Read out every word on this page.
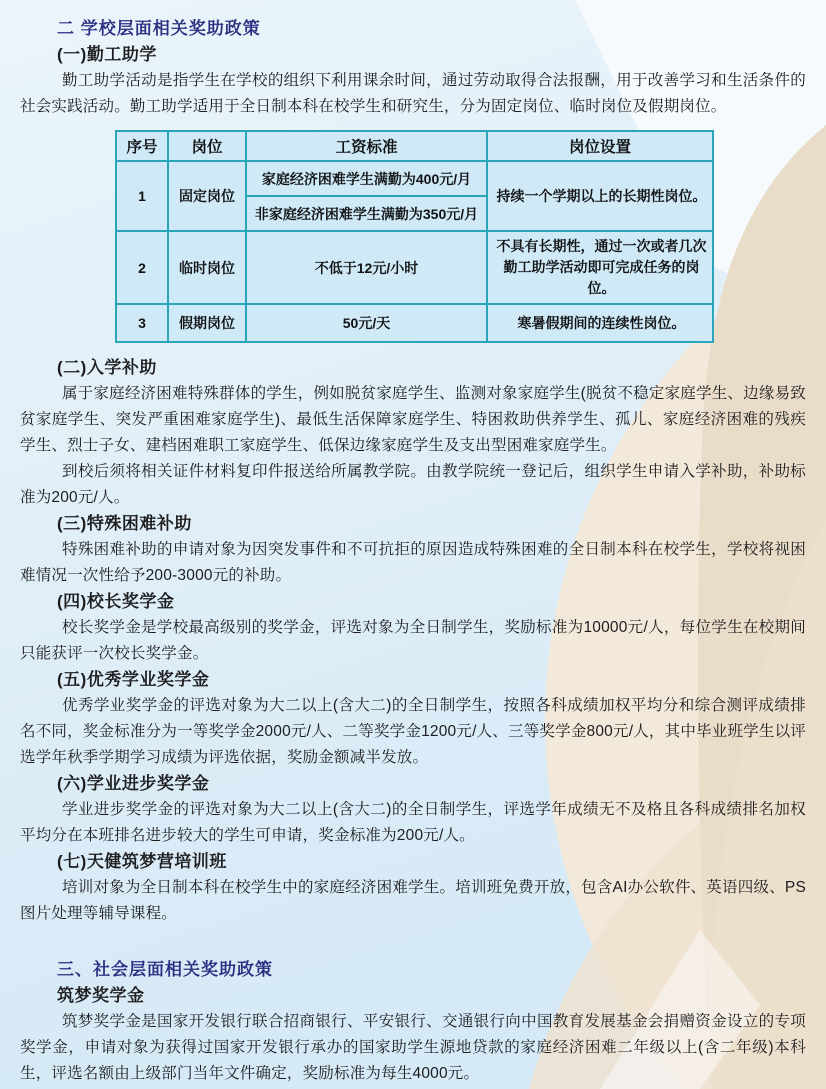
二 学校层面相关奖助政策
(一)勤工助学

勤工助学活动是指学生在学校的组织下利用课余时间，通过劳动取得合法报酬，用于改善学习和生活条件的社会实践活动。勤工助学适用于全日制本科在校学生和研究生，分为固定岗位、临时岗位及假期岗位。

序号	岗位	工资标准	岗位设置
1	固定岗位	家庭经济困难学生满勤为400元/月	持续一个学期以上的长期性岗位。
		非家庭经济困难学生满勤为350元/月	
2	临时岗位	不低于12元/小时	不具有长期性，通过一次或者几次勤工助学活动即可完成任务的岗位。
3	假期岗位	50元/天	寒暑假期间的连续性岗位。
(二)入学补助

属于家庭经济困难特殊群体的学生，例如脱贫家庭学生、监测对象家庭学生(脱贫不稳定家庭学生、边缘易致贫家庭学生、突发严重困难家庭学生)、最低生活保障家庭学生、特困救助供养学生、孤儿、家庭经济困难的残疾学生、烈士子女、建档困难职工家庭学生、低保边缘家庭学生及支出型困难家庭学生。

到校后须将相关证件材料复印件报送给所属教学院。由教学院统一登记后，组织学生申请入学补助，补助标准为200元/人。

(三)特殊困难补助

特殊困难补助的申请对象为因突发事件和不可抗拒的原因造成特殊困难的全日制本科在校学生，学校将视困难情况一次性给予200-3000元的补助。

(四)校长奖学金

校长奖学金是学校最高级别的奖学金，评选对象为全日制学生，奖励标准为10000元/人，每位学生在校期间只能获评一次校长奖学金。

(五)优秀学业奖学金

优秀学业奖学金的评选对象为大二以上(含大二)的全日制学生，按照各科成绩加权平均分和综合测评成绩排名不同，奖金标准分为一等奖学金2000元/人、二等奖学金1200元/人、三等奖学金800元/人，其中毕业班学生以评选学年秋季学期学习成绩为评选依据，奖励金额减半发放。

(六)学业进步奖学金

学业进步奖学金的评选对象为大二以上(含大二)的全日制学生，评选学年成绩无不及格且各科成绩排名加权平均分在本班排名进步较大的学生可申请，奖金标准为200元/人。

(七)天健筑梦营培训班

培训对象为全日制本科在校学生中的家庭经济困难学生。培训班免费开放，包含AI办公软件、英语四级、PS图片处理等辅导课程。

三、社会层面相关奖助政策
筑梦奖学金

筑梦奖学金是国家开发银行联合招商银行、平安银行、交通银行向中国教育发展基金会捐赠资金设立的专项奖学金，申请对象为获得过国家开发银行承办的国家助学生源地贷款的家庭经济困难二年级以上(含二年级)本科生，评选名额由上级部门当年文件确定，奖励标准为每生4000元。
